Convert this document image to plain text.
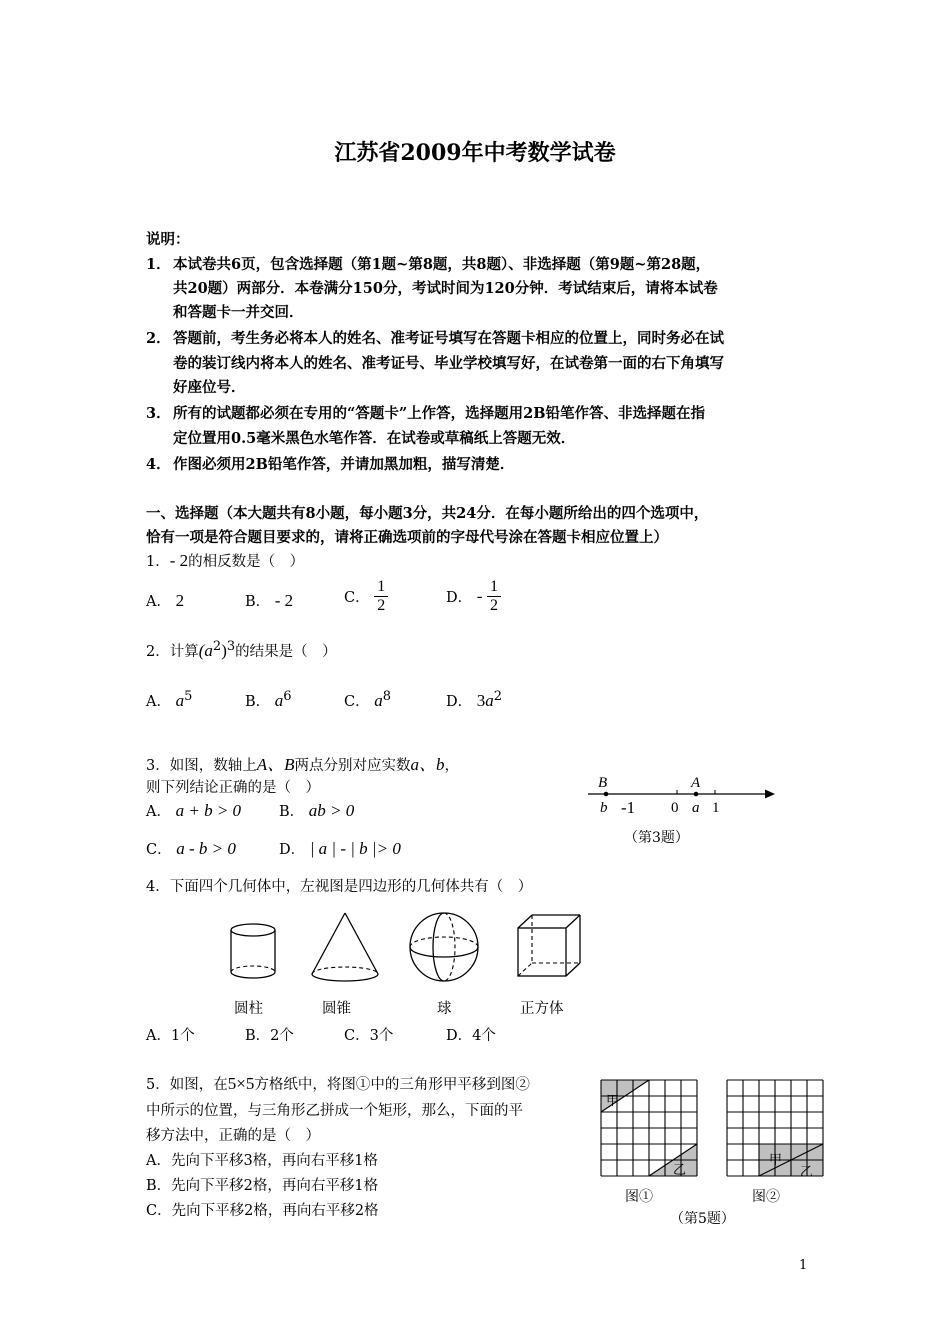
江苏省2009年中考数学试卷
说明：
1． 本试卷共6页，包含选择题（第1题~第8题，共8题）、非选择题（第9题~第28题，
共20题）两部分．本卷满分150分，考试时间为120分钟．考试结束后，请将本试卷
和答题卡一并交回．
2． 答题前，考生务必将本人的姓名、准考证号填写在答题卡相应的位置上，同时务必在试
卷的装订线内将本人的姓名、准考证号、毕业学校填写好，在试卷第一面的右下角填写
好座位号．
3． 所有的试题都必须在专用的“答题卡”上作答，选择题用2B铅笔作答、非选择题在指
定位置用0.5毫米黑色水笔作答．在试卷或草稿纸上答题无效．
4． 作图必须用2B铅笔作答，并请加黑加粗，描写清楚．
一、选择题（本大题共有8小题，每小题3分，共24分．在每小题所给出的四个选项中，
恰有一项是符合题目要求的，请将正确选项前的字母代号涂在答题卡相应位置上）
1．- 2的相反数是（　）
A． 2	B． - 2	C． $\frac{1}{2}$	D． - $\frac{1}{2}$
2．计算$(a^2)^3$的结果是（　）
A． $a^5$	B． $a^6$	C． $a^8$	D． $3a^2$
3．如图，数轴上A、B两点分别对应实数a、b，
则下列结论正确的是（　）
A． a + b > 0	B． ab > 0
C． a - b > 0	D． | a | - | b |> 0
B	A
b -1 0 a 1
（第3题）
4．下面四个几何体中，左视图是四边形的几何体共有（　）
圆柱	圆锥	球	正方体
A．1个	B．2个	C．3个	D．4个
5．如图，在5×5方格纸中，将图①中的三角形甲平移到图②
中所示的位置，与三角形乙拼成一个矩形，那么，下面的平
移方法中，正确的是（　）
A．先向下平移3格，再向右平移1格
B．先向下平移2格，再向右平移1格
C．先向下平移2格，再向右平移2格
甲
乙
甲
乙
图①	图②
（第5题）
1
